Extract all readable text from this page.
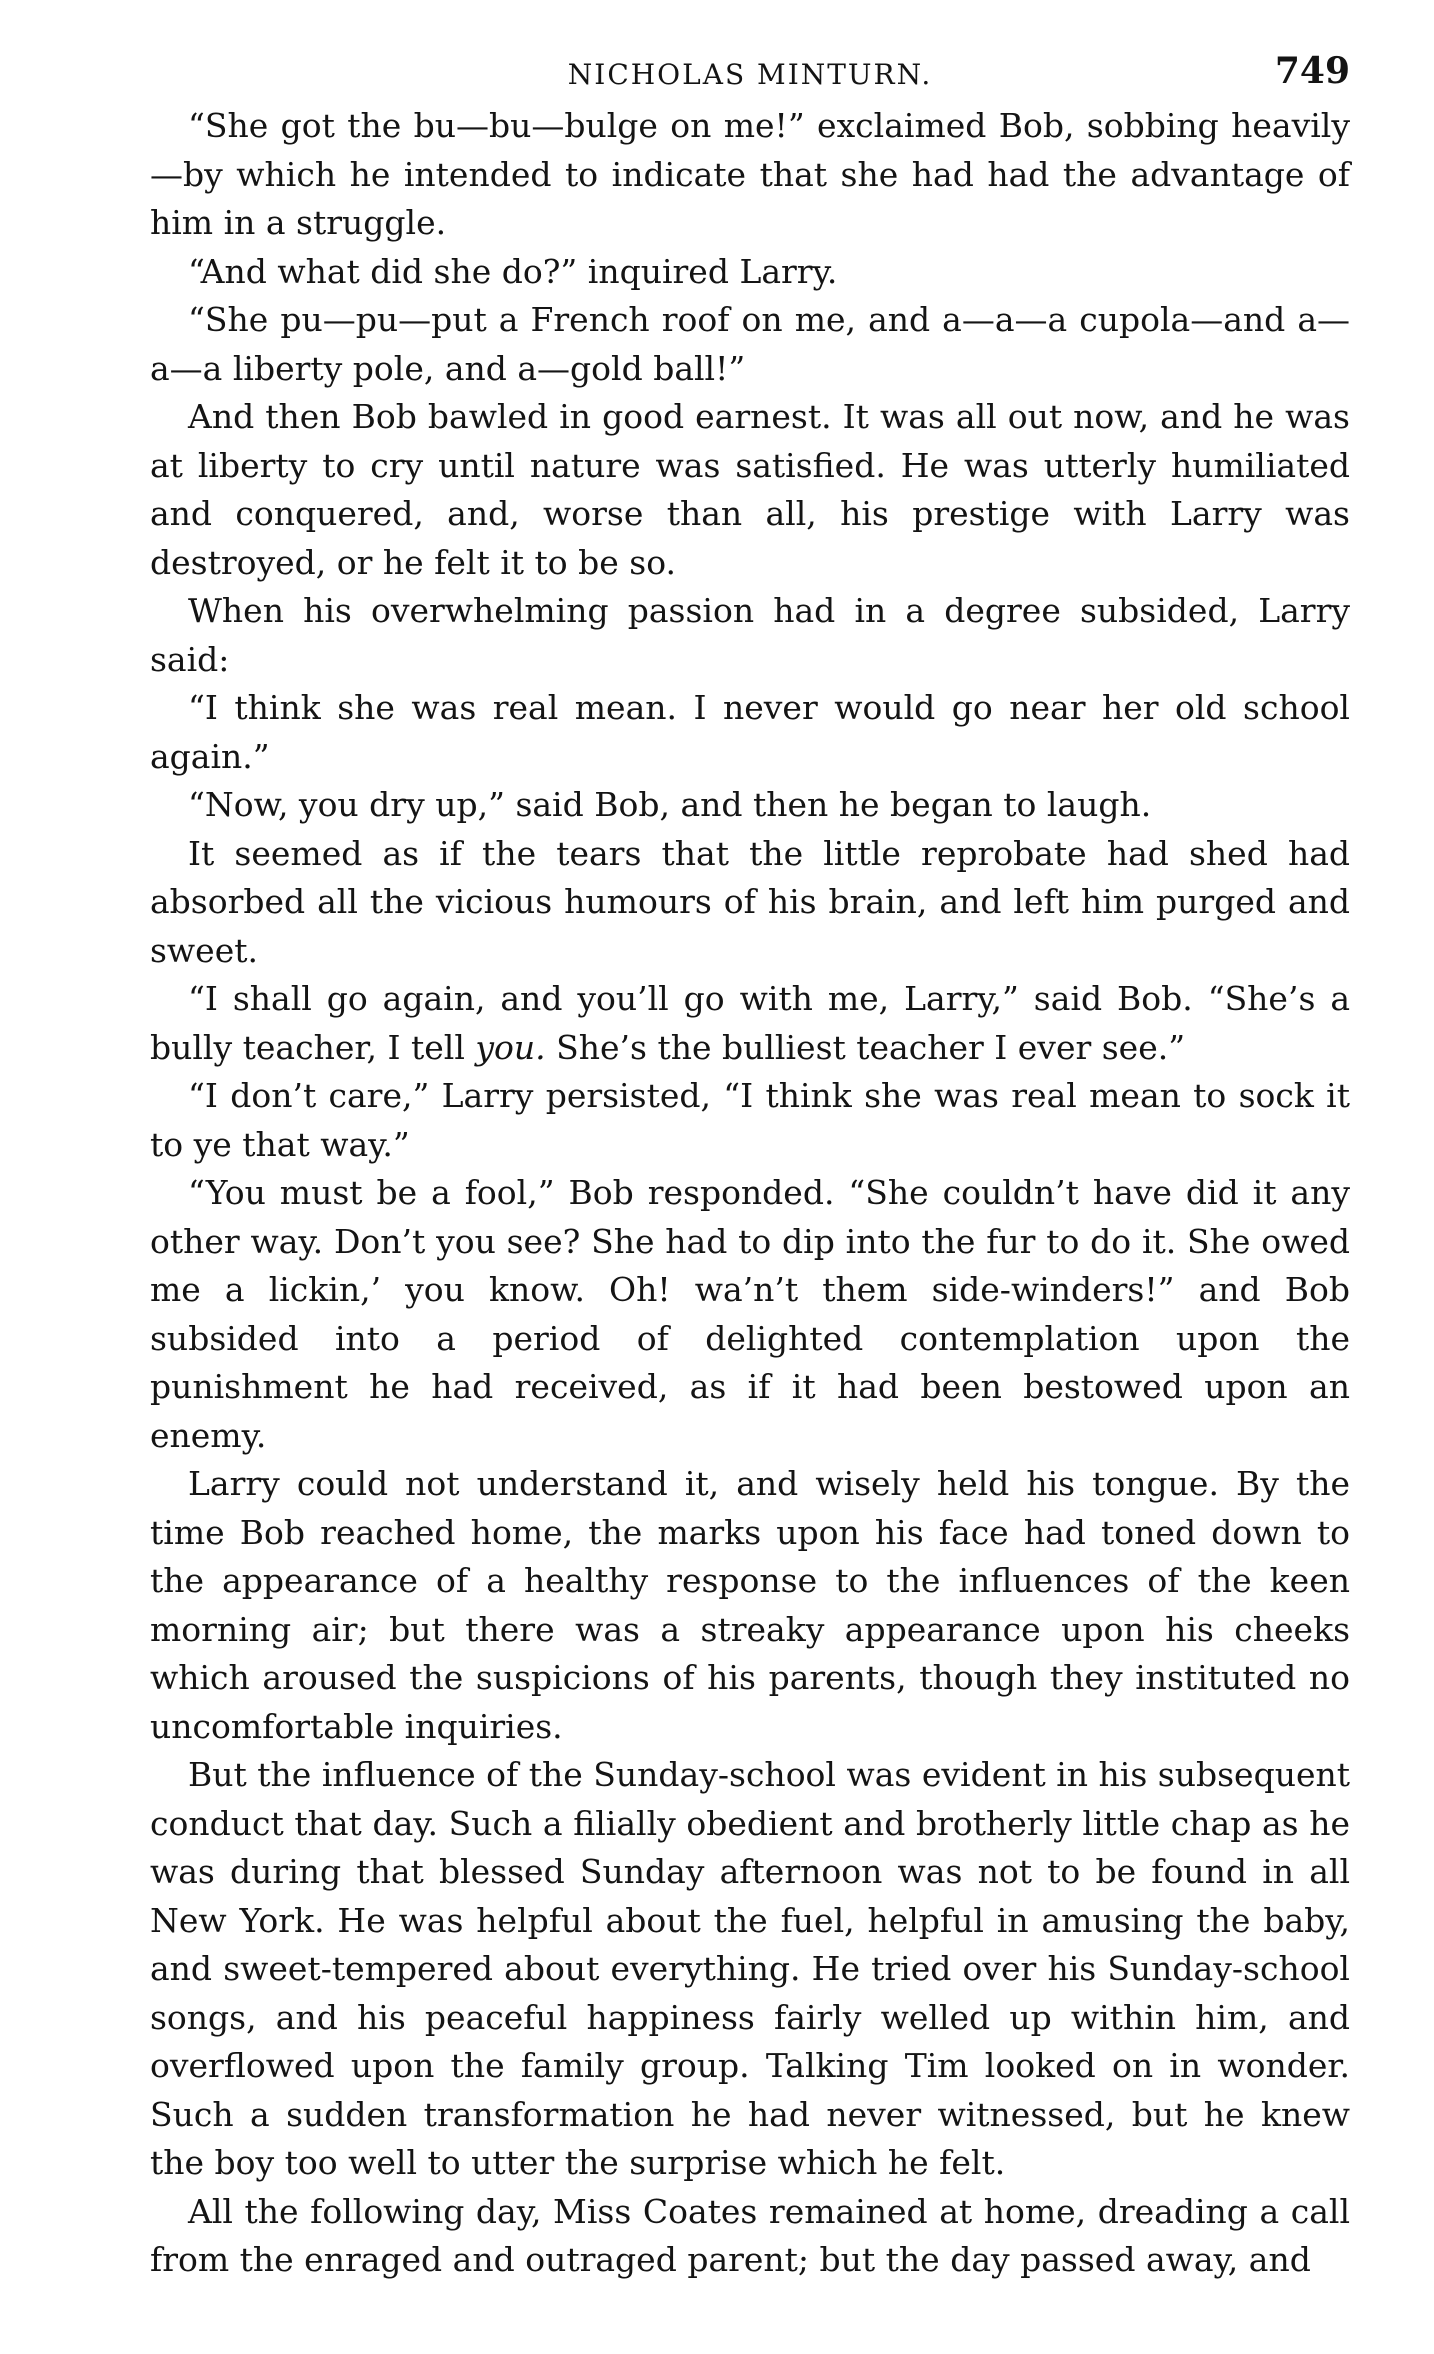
NICHOLAS MINTURN.	749

“She got the bu—bu—bulge on me!” exclaimed Bob, sobbing heavily—by which he intended to indicate that she had had the advantage of him in a struggle.

“And what did she do?” inquired Larry.

“She pu—pu—put a French roof on me, and a—a—a cupola—and a—a—a liberty pole, and a—gold ball!”

And then Bob bawled in good earnest. It was all out now, and he was at liberty to cry until nature was satisfied. He was utterly humiliated and conquered, and, worse than all, his prestige with Larry was destroyed, or he felt it to be so.

When his overwhelming passion had in a degree subsided, Larry said:

“I think she was real mean. I never would go near her old school again.”

“Now, you dry up,” said Bob, and then he began to laugh.

It seemed as if the tears that the little reprobate had shed had absorbed all the vicious humours of his brain, and left him purged and sweet.

“I shall go again, and you’ll go with me, Larry,” said Bob. “She’s a bully teacher, I tell you. She’s the bulliest teacher I ever see.”

“I don’t care,” Larry persisted, “I think she was real mean to sock it to ye that way.”

“You must be a fool,” Bob responded. “She couldn’t have did it any other way. Don’t you see? She had to dip into the fur to do it. She owed me a lickin,’ you know. Oh! wa’n’t them side-winders!” and Bob subsided into a period of delighted contemplation upon the punishment he had received, as if it had been bestowed upon an enemy.

Larry could not understand it, and wisely held his tongue. By the time Bob reached home, the marks upon his face had toned down to the appearance of a healthy response to the influences of the keen morning air; but there was a streaky appearance upon his cheeks which aroused the suspicions of his parents, though they instituted no uncomfortable inquiries.

But the influence of the Sunday-school was evident in his subsequent conduct that day. Such a filially obedient and brotherly little chap as he was during that blessed Sunday afternoon was not to be found in all New York. He was helpful about the fuel, helpful in amusing the baby, and sweet-tempered about everything. He tried over his Sunday-school songs, and his peaceful happiness fairly welled up within him, and overflowed upon the family group. Talking Tim looked on in wonder. Such a sudden transformation he had never witnessed, but he knew the boy too well to utter the surprise which he felt.

All the following day, Miss Coates remained at home, dreading a call from the enraged and outraged parent; but the day passed away, and
